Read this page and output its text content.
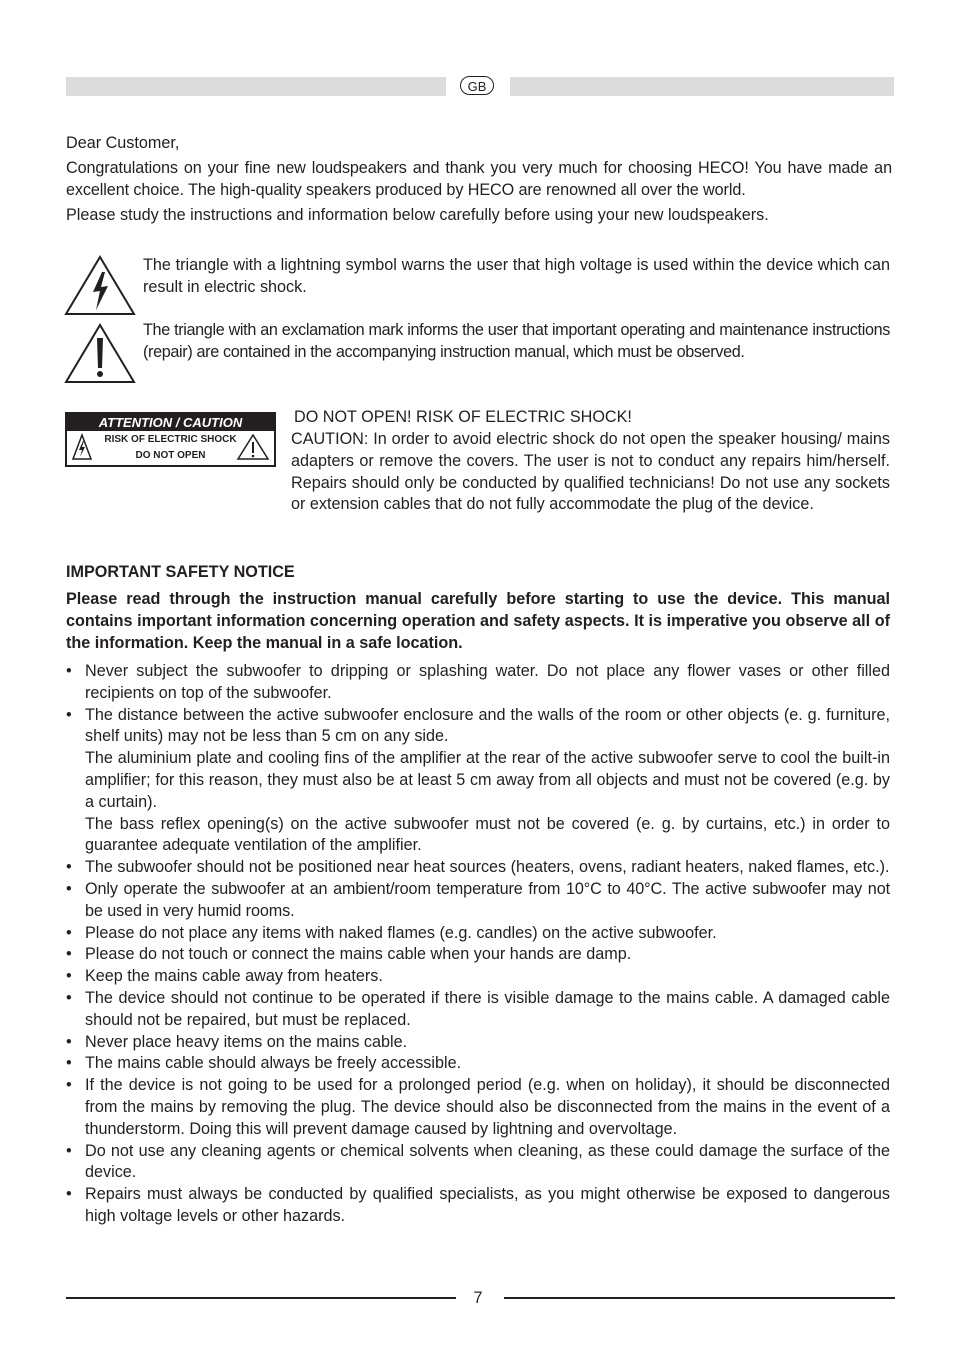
GB
Dear Customer,
Congratulations on your fine new loudspeakers and thank you very much for choosing HECO! You have made an excellent choice. The high-quality speakers produced by HECO are renowned all over the world.
Please study the instructions and information below carefully before using your new loudspeakers.
The triangle with a lightning symbol warns the user that high voltage is used within the device which can result in electric shock.
The triangle with an exclamation mark informs the user that important operating and maintenance instructions (repair) are contained in the accompanying instruction manual, which must be observed.
ATTENTION / CAUTION
RISK OF ELECTRIC SHOCK
DO NOT OPEN
DO NOT OPEN! RISK OF ELECTRIC SHOCK!
CAUTION: In order to avoid electric shock do not open the speaker housing/ mains adapters or remove the covers. The user is not to conduct any repairs him/herself. Repairs should only be conducted by qualified technicians! Do not use any sockets or extension cables that do not fully accommodate the plug of the device.
IMPORTANT SAFETY NOTICE
Please read through the instruction manual carefully before starting to use the device. This manual contains important information concerning operation and safety aspects. It is imperative you observe all of the information. Keep the manual in a safe location.

• Never subject the subwoofer to dripping or splashing water. Do not place any flower vases or other filled recipients on top of the subwoofer.

• The distance between the active subwoofer enclosure and the walls of the room or other objects (e. g. furniture, shelf units) may not be less than 5 cm on any side.

The aluminium plate and cooling fins of the amplifier at the rear of the active subwoofer serve to cool the built-in amplifier; for this reason, they must also be at least 5 cm away from all objects and must not be covered (e.g. by a curtain).

The bass reflex opening(s) on the active subwoofer must not be covered (e. g. by curtains, etc.) in order to guarantee adequate ventilation of the amplifier.

• The subwoofer should not be positioned near heat sources (heaters, ovens, radiant heaters, naked flames, etc.).

• Only operate the subwoofer at an ambient/room temperature from 10°C to 40°C. The active subwoofer may not be used in very humid rooms.

• Please do not place any items with naked flames (e.g. candles) on the active subwoofer.

• Please do not touch or connect the mains cable when your hands are damp.

• Keep the mains cable away from heaters.

• The device should not continue to be operated if there is visible damage to the mains cable. A damaged cable should not be repaired, but must be replaced.

• Never place heavy items on the mains cable.

• The mains cable should always be freely accessible.

• If the device is not going to be used for a prolonged period (e.g. when on holiday), it should be disconnected from the mains by removing the plug. The device should also be disconnected from the mains in the event of a thunderstorm. Doing this will prevent damage caused by lightning and overvoltage.

• Do not use any cleaning agents or chemical solvents when cleaning, as these could damage the surface of the device.

• Repairs must always be conducted by qualified specialists, as you might otherwise be exposed to dangerous high voltage levels or other hazards.

7
